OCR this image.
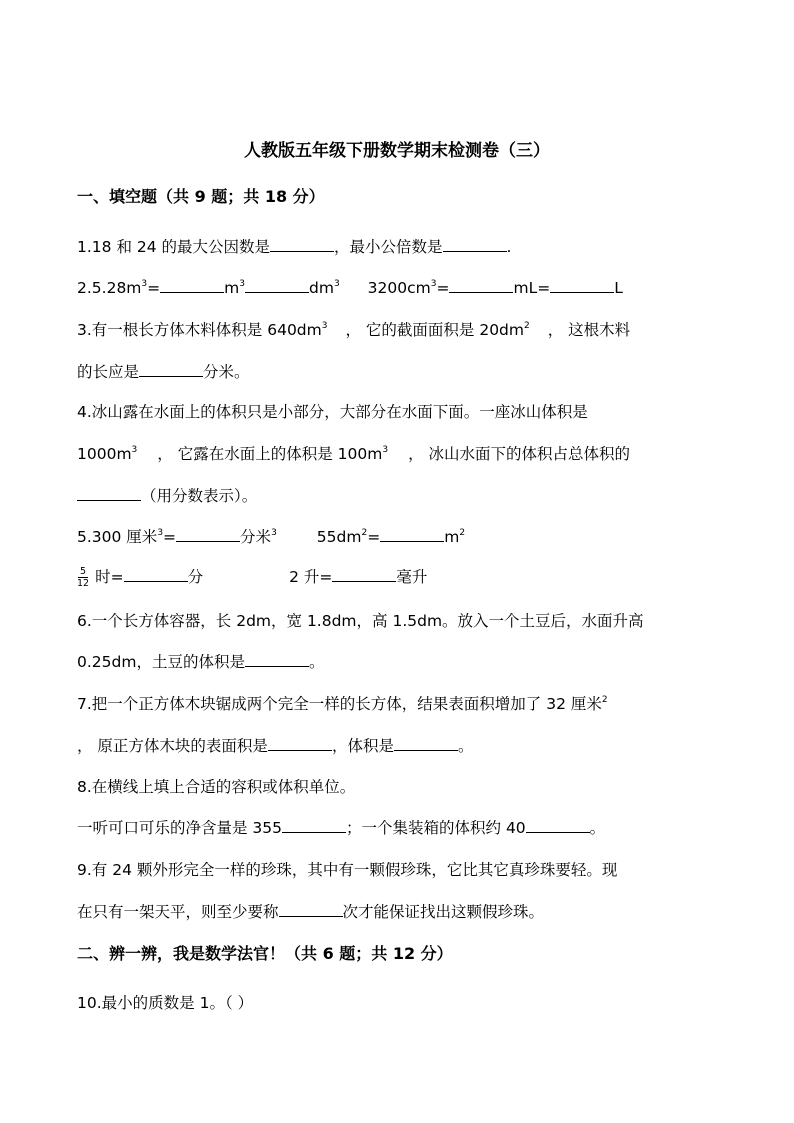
人教版五年级下册数学期末检测卷（三）
一、填空题（共 9 题；共 18 分）
1.18 和 24 的最大公因数是	，最小公倍数是	.
$2.5.28m^3=$	$m^3$	$dm^3$ $3200cm^3=$	mL=	L
3.有一根长方体木料体积是 $640dm^3$ ， 它的截面面积是 $20dm^2$ ， 这根木料
的长应是	分米。
4.冰山露在水面上的体积只是小部分，大部分在水面下面。一座冰山体积是
$1000m^3$ ， 它露在水面上的体积是 $100m^3$ ， 冰山水面下的体积占总体积的
（用分数表示）。
5.300 厘米$^3$=	分米$^3$	$55dm^2=$	$m^2$
$\frac{5}{12}$ 时=	分	2 升=	毫升
6.一个长方体容器，长 2dm，宽 1.8dm，高 1.5dm。放入一个土豆后，水面升高
0.25dm，土豆的体积是	。
7.把一个正方体木块锯成两个完全一样的长方体，结果表面积增加了 32 厘米$^2$
， 原正方体木块的表面积是	，体积是	。
8.在横线上填上合适的容积或体积单位。
一听可口可乐的净含量是 355	；一个集装箱的体积约 40	。
9.有 24 颗外形完全一样的珍珠，其中有一颗假珍珠，它比其它真珍珠要轻。现
在只有一架天平，则至少要称	次才能保证找出这颗假珍珠。
二、辨一辨，我是数学法官！（共 6 题；共 12 分）
10.最小的质数是 1。（ ）
